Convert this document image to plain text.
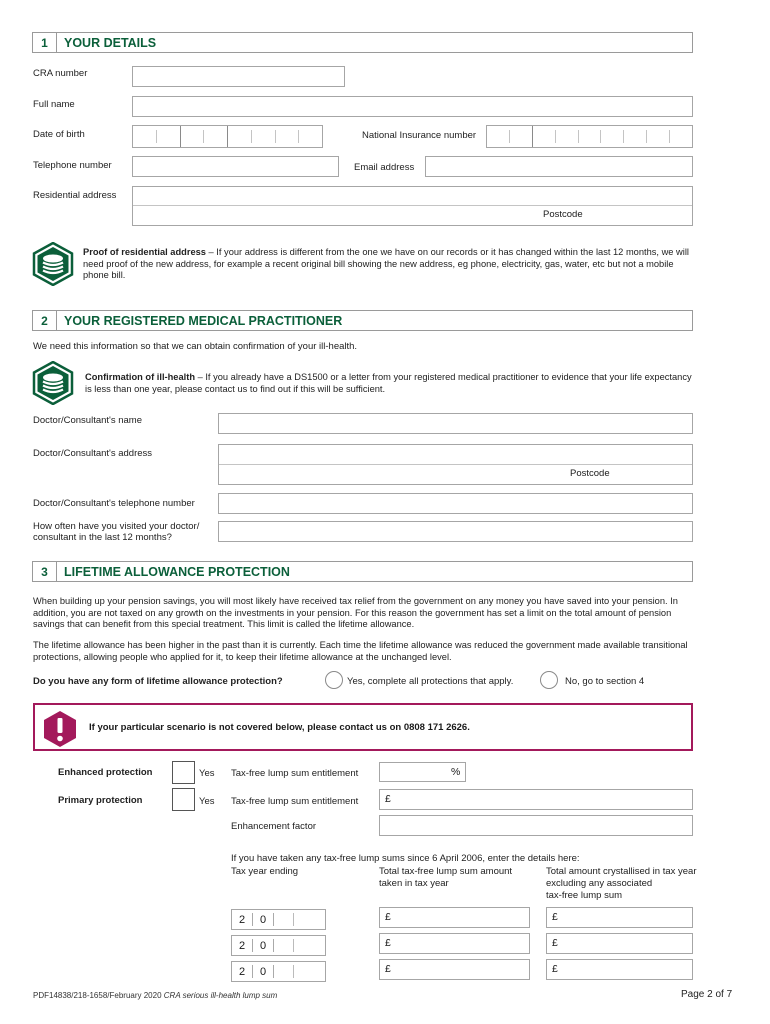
1	YOUR DETAILS
CRA number
Full name
Date of birth	National Insurance number
Telephone number	Email address
Residential address
Postcode
Proof of residential address – If your address is different from the one we have on our records or it has changed within the last 12 months, we will need proof of the new address, for example a recent original bill showing the new address, eg phone, electricity, gas, water, etc but not a mobile phone bill.
2	YOUR REGISTERED MEDICAL PRACTITIONER
We need this information so that we can obtain confirmation of your ill-health.
Confirmation of ill-health – If you already have a DS1500 or a letter from your registered medical practitioner to evidence that your life expectancy is less than one year, please contact us to find out if this will be sufficient.
Doctor/Consultant's name
Doctor/Consultant's address
Postcode
Doctor/Consultant's telephone number
How often have you visited your doctor/
consultant in the last 12 months?
3	LIFETIME ALLOWANCE PROTECTION
When building up your pension savings, you will most likely have received tax relief from the government on any money you have saved into your pension. In addition, you are not taxed on any growth on the investments in your pension. For this reason the government has set a limit on the total amount of pension savings that can benefit from this special treatment. This limit is called the lifetime allowance.
The lifetime allowance has been higher in the past than it is currently. Each time the lifetime allowance was reduced the government made available transitional protections, allowing people who applied for it, to keep their lifetime allowance at the unchanged level.
Do you have any form of lifetime allowance protection?	Yes, complete all protections that apply.	No, go to section 4
If your particular scenario is not covered below, please contact us on 0808 171 2626.
Enhanced protection	Yes Tax-free lump sum entitlement	%
Primary protection	Yes Tax-free lump sum entitlement	£
Enhancement factor
If you have taken any tax-free lump sums since 6 April 2006, enter the details here:
Tax year ending	Total tax-free lump sum amount
taken in tax year
Total amount crystallised in tax year
excluding any associated
tax-free lump sum
2	0	£	£
2	0	£	£
2	0	£	£
PDF14838/218-1658/February 2020 CRA serious ill-health lump sum	Page 2 of 7
